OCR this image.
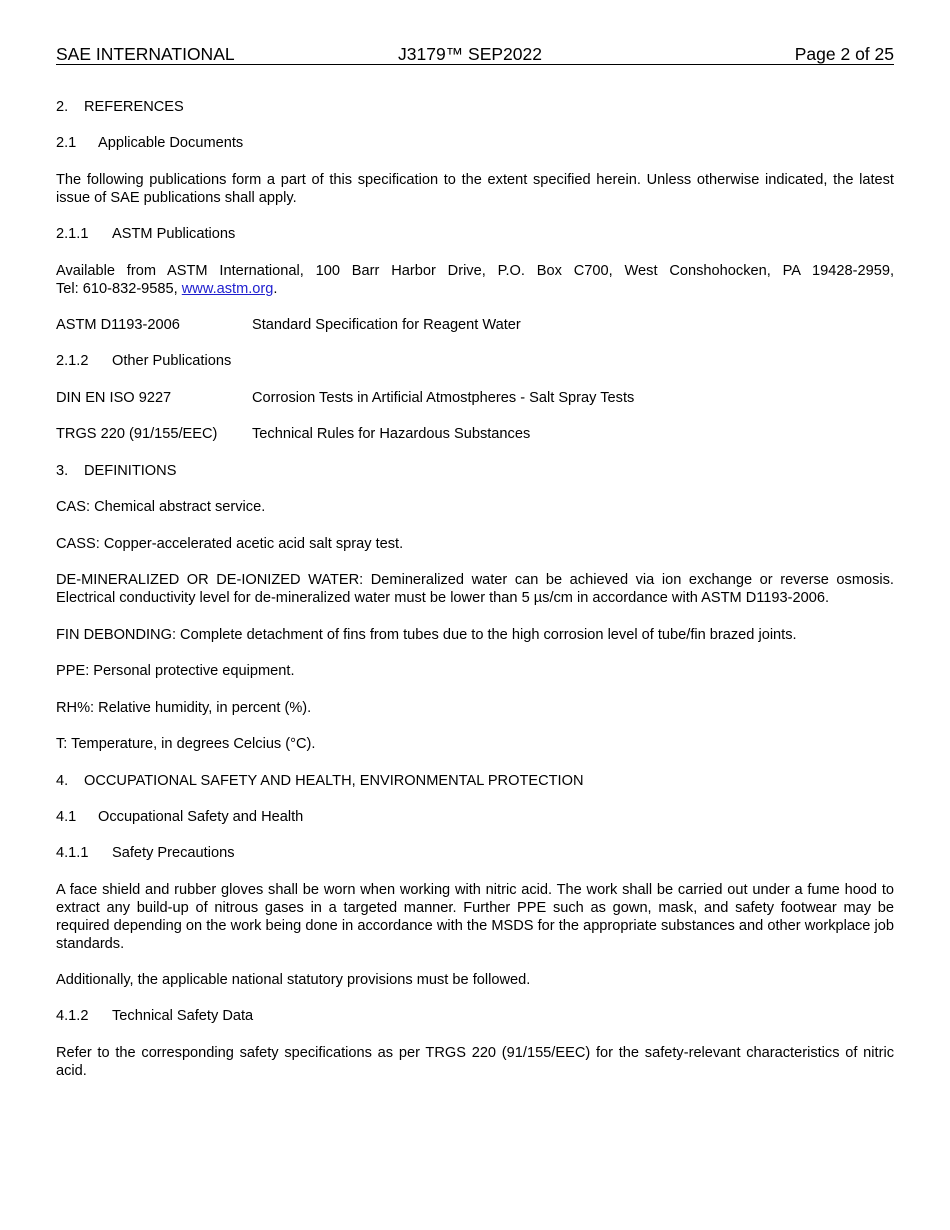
SAE INTERNATIONAL	J3179™ SEP2022	Page 2 of 25
2. REFERENCES
2.1 Applicable Documents
The following publications form a part of this specification to the extent specified herein. Unless otherwise indicated, the latest issue of SAE publications shall apply.
2.1.1 ASTM Publications
Available from ASTM International, 100 Barr Harbor Drive, P.O. Box C700, West Conshohocken, PA 19428-2959,
Tel: 610-832-9585, www.astm.org.
ASTM D1193-2006	Standard Specification for Reagent Water
2.1.2 Other Publications
DIN EN ISO 9227	Corrosion Tests in Artificial Atmostpheres - Salt Spray Tests
TRGS 220 (91/155/EEC) Technical Rules for Hazardous Substances
3. DEFINITIONS
CAS: Chemical abstract service.
CASS: Copper-accelerated acetic acid salt spray test.
DE-MINERALIZED OR DE-IONIZED WATER: Demineralized water can be achieved via ion exchange or reverse osmosis. Electrical conductivity level for de-mineralized water must be lower than 5 µs/cm in accordance with ASTM D1193-2006.
FIN DEBONDING: Complete detachment of fins from tubes due to the high corrosion level of tube/fin brazed joints.
PPE: Personal protective equipment.
RH%: Relative humidity, in percent (%).
T: Temperature, in degrees Celcius (°C).
4. OCCUPATIONAL SAFETY AND HEALTH, ENVIRONMENTAL PROTECTION
4.1 Occupational Safety and Health
4.1.1 Safety Precautions
A face shield and rubber gloves shall be worn when working with nitric acid. The work shall be carried out under a fume hood to extract any build-up of nitrous gases in a targeted manner. Further PPE such as gown, mask, and safety footwear may be required depending on the work being done in accordance with the MSDS for the appropriate substances and other workplace job standards.
Additionally, the applicable national statutory provisions must be followed.
4.1.2 Technical Safety Data
Refer to the corresponding safety specifications as per TRGS 220 (91/155/EEC) for the safety-relevant characteristics of nitric acid.
